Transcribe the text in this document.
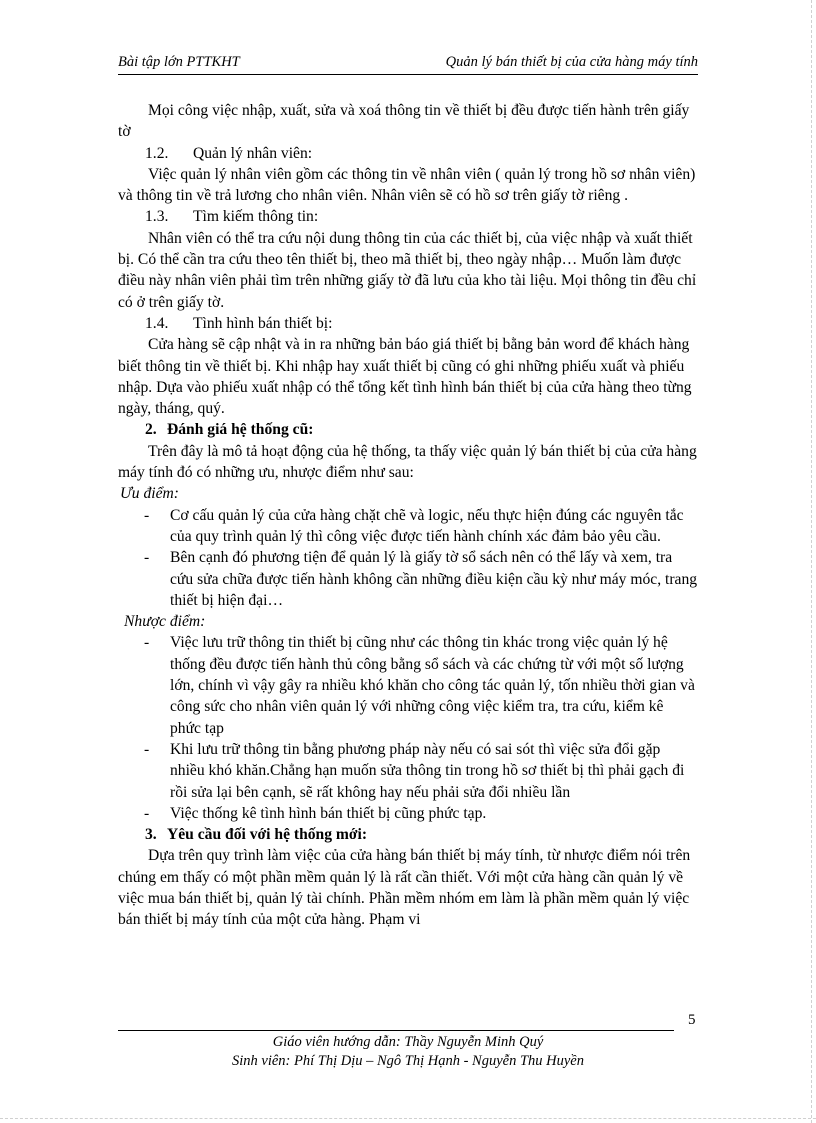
Bài tập lớn PTTKHT	Quản lý bán thiết bị của cửa hàng máy tính

Mọi công việc nhập, xuất, sửa và xoá thông tin về thiết bị đều được tiến hành trên giấy tờ

1.2. Quản lý nhân viên:

Việc quản lý nhân viên gồm các thông tin về nhân viên ( quản lý trong hồ sơ nhân viên) và thông tin về trả lương cho nhân viên. Nhân viên sẽ có hồ sơ trên giấy tờ riêng .

1.3. Tìm kiếm thông tin:

Nhân viên có thể tra cứu nội dung thông tin của các thiết bị, của việc nhập và xuất thiết bị. Có thể cần tra cứu theo tên thiết bị, theo mã thiết bị, theo ngày nhập… Muốn làm được điều này nhân viên phải tìm trên những giấy tờ đã lưu của kho tài liệu. Mọi thông tin đều chỉ có ở trên giấy tờ.

1.4. Tình hình bán thiết bị:

Cửa hàng sẽ cập nhật và in ra những bản báo giá thiết bị bằng bản word để khách hàng biết thông tin về thiết bị. Khi nhập hay xuất thiết bị cũng có ghi những phiếu xuất và phiếu nhập. Dựa vào phiếu xuất nhập có thể tổng kết tình hình bán thiết bị của cửa hàng theo từng ngày, tháng, quý.

2. Đánh giá hệ thống cũ:

Trên đây là mô tả hoạt động của hệ thống, ta thấy việc quản lý bán thiết bị của cửa hàng máy tính đó có những ưu, nhược điểm như sau:

Ưu điểm:

- Cơ cấu quản lý của cửa hàng chặt chẽ và logic, nếu thực hiện đúng các nguyên tắc của quy trình quản lý thì công việc được tiến hành chính xác đảm bảo yêu cầu.
- Bên cạnh đó phương tiện để quản lý là giấy tờ sổ sách nên có thể lấy và xem, tra cứu sửa chữa được tiến hành không cần những điều kiện cầu kỳ như máy móc, trang thiết bị hiện đại…

Nhược điểm:

- Việc lưu trữ thông tin thiết bị cũng như các thông tin khác trong việc quản lý hệ thống đều được tiến hành thủ công bằng sổ sách và các chứng từ với một số lượng lớn, chính vì vậy gây ra nhiều khó khăn cho công tác quản lý, tốn nhiều thời gian và công sức cho nhân viên quản lý với những công việc kiểm tra, tra cứu, kiểm kê phức tạp
- Khi lưu trữ thông tin bằng phương pháp này nếu có sai sót thì việc sửa đổi gặp nhiều khó khăn.Chẳng hạn muốn sửa thông tin trong hồ sơ thiết bị thì phải gạch đi rồi sửa lại bên cạnh, sẽ rất không hay nếu phải sửa đổi nhiều lần
- Việc thống kê tình hình bán thiết bị cũng phức tạp.

3. Yêu cầu đối với hệ thống mới:

Dựa trên quy trình làm việc của cửa hàng bán thiết bị máy tính, từ nhược điểm nói trên chúng em thấy có một phần mềm quản lý là rất cần thiết. Với một cửa hàng cần quản lý về việc mua bán thiết bị, quản lý tài chính. Phần mềm nhóm em làm là phần mềm quản lý việc bán thiết bị máy tính của một cửa hàng. Phạm vi

5
Giáo viên hướng dẫn: Thầy Nguyễn Minh Quý
Sinh viên: Phí Thị Dịu – Ngô Thị Hạnh - Nguyễn Thu Huyền
